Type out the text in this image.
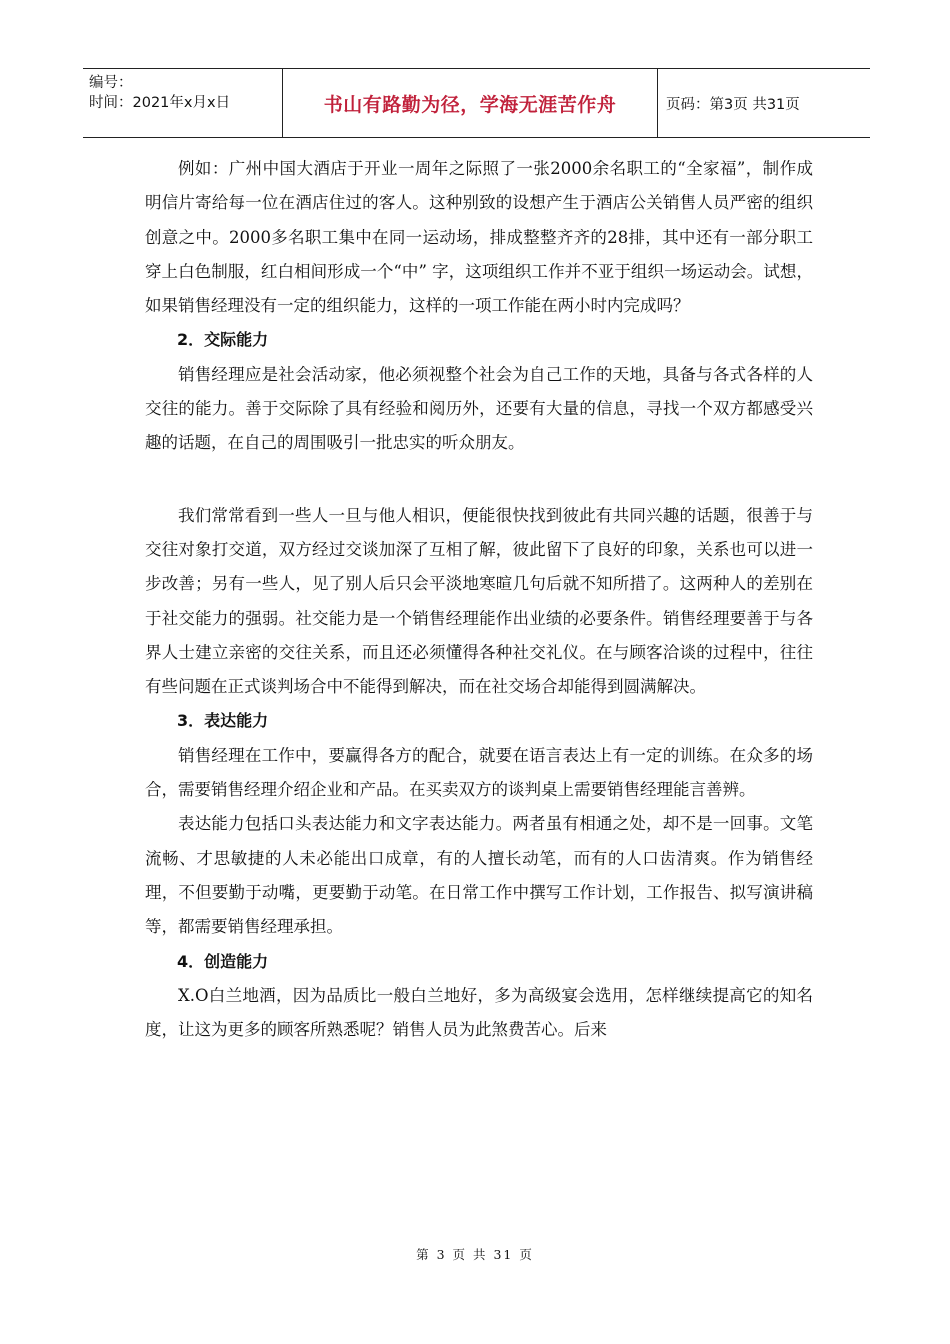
编号：
时间：2021年x月x日	书山有路勤为径，学海无涯苦作舟	页码：第3页 共31页

例如：广州中国大酒店于开业一周年之际照了一张2000余名职工的“全家福”，制作成明信片寄给每一位在酒店住过的客人。这种别致的设想产生于酒店公关销售人员严密的组织创意之中。2000多名职工集中在同一运动场，排成整整齐齐的28排，其中还有一部分职工穿上白色制服，红白相间形成一个“中” 字，这项组织工作并不亚于组织一场运动会。试想，如果销售经理没有一定的组织能力，这样的一项工作能在两小时内完成吗？

2．交际能力

销售经理应是社会活动家，他必须视整个社会为自己工作的天地，具备与各式各样的人交往的能力。善于交际除了具有经验和阅历外，还要有大量的信息，寻找一个双方都感受兴趣的话题，在自己的周围吸引一批忠实的听众朋友。

我们常常看到一些人一旦与他人相识，便能很快找到彼此有共同兴趣的话题，很善于与交往对象打交道，双方经过交谈加深了互相了解，彼此留下了良好的印象，关系也可以进一步改善；另有一些人，见了别人后只会平淡地寒暄几句后就不知所措了。这两种人的差别在于社交能力的强弱。社交能力是一个销售经理能作出业绩的必要条件。销售经理要善于与各界人士建立亲密的交往关系，而且还必须懂得各种社交礼仪。在与顾客洽谈的过程中，往往有些问题在正式谈判场合中不能得到解决，而在社交场合却能得到圆满解决。

3．表达能力

销售经理在工作中，要赢得各方的配合，就要在语言表达上有一定的训练。在众多的场合，需要销售经理介绍企业和产品。在买卖双方的谈判桌上需要销售经理能言善辨。

表达能力包括口头表达能力和文字表达能力。两者虽有相通之处，却不是一回事。文笔流畅、才思敏捷的人未必能出口成章，有的人擅长动笔，而有的人口齿清爽。作为销售经理，不但要勤于动嘴，更要勤于动笔。在日常工作中撰写工作计划，工作报告、拟写演讲稿等，都需要销售经理承担。

4．创造能力

X.O白兰地酒，因为品质比一般白兰地好，多为高级宴会选用，怎样继续提高它的知名度，让这为更多的顾客所熟悉呢？销售人员为此煞费苦心。后来

第 3 页 共 31 页
